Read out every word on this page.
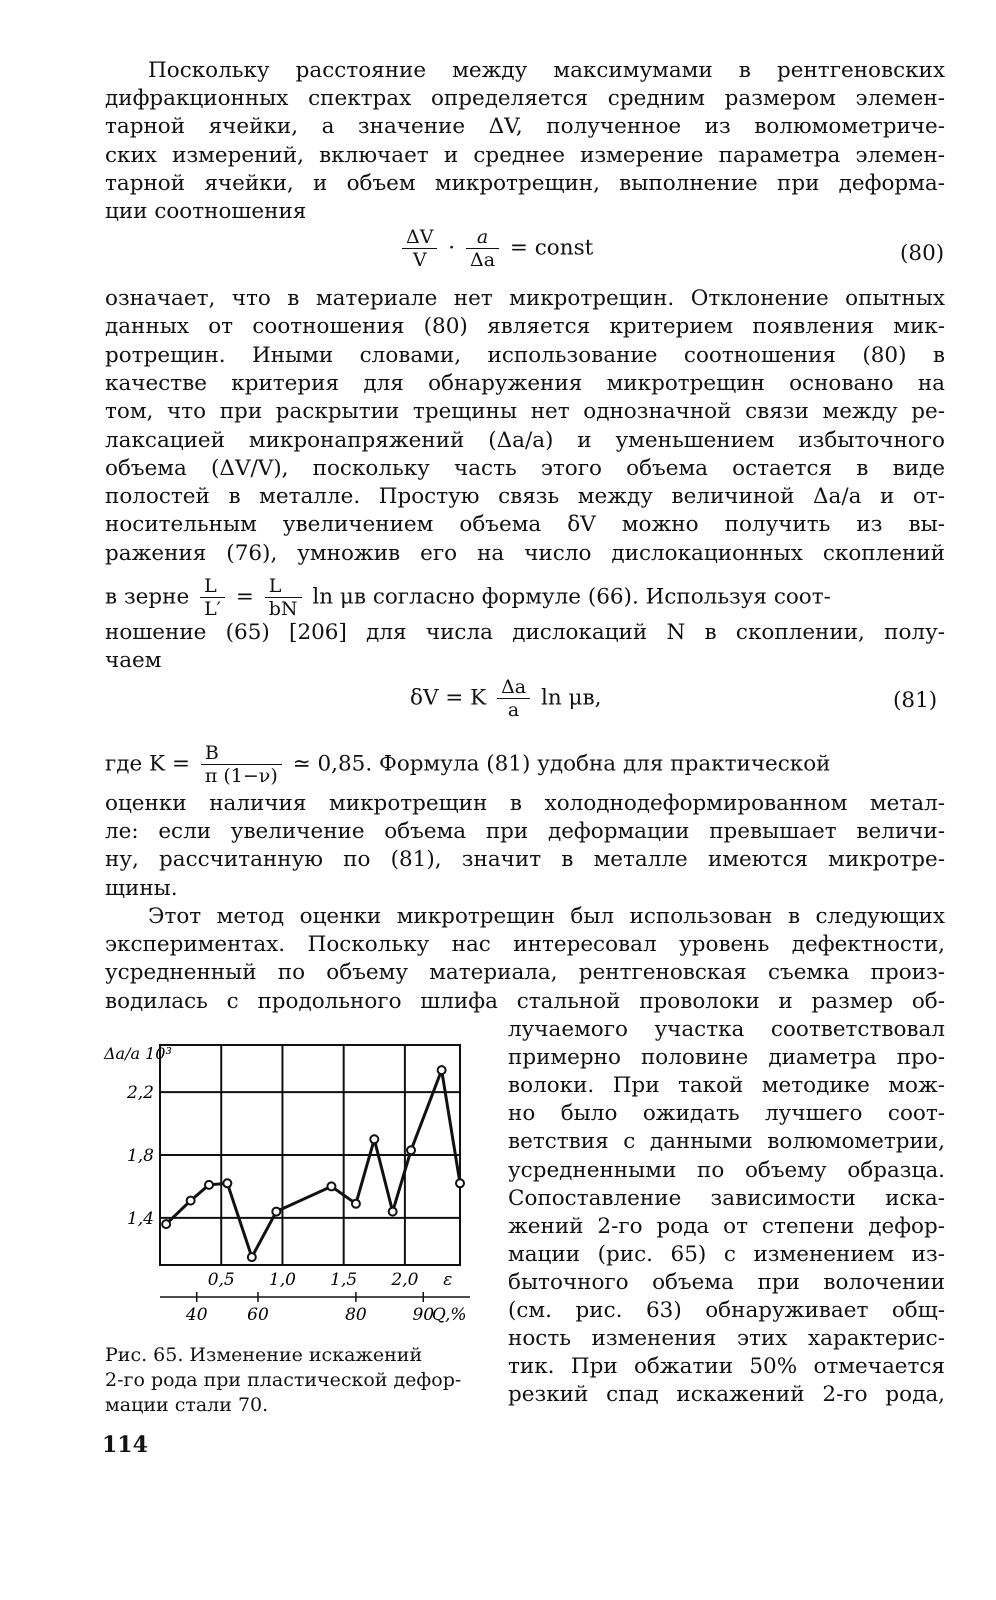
Поскольку расстояние между максимумами в рентгеновских
дифракционных спектрах определяется средним размером элемен-
тарной ячейки, а значение ΔV, полученное из волюмометриче-
ских измерений, включает и среднее измерение параметра элемен-
тарной ячейки, и объем микротрещин, выполнение при деформа-
ции соотношения
$\frac{\Delta V}{V} \cdot \frac{a}{\Delta a}$ = const	(80)
означает, что в материале нет микротрещин. Отклонение опытных
данных от соотношения (80) является критерием появления мик-
ротрещин. Иными словами, использование соотношения (80) в
качестве критерия для обнаружения микротрещин основано на
том, что при раскрытии трещины нет однозначной связи между ре-
лаксацией микронапряжений (Δa/a) и уменьшением избыточного
объема (ΔV/V), поскольку часть этого объема остается в виде
полостей в металле. Простую связь между величиной Δa/a и от-
носительным увеличением объема δV можно получить из вы-
ражения (76), умножив его на число дислокационных скоплений
в зерне $\frac{L}{L'} = \frac{L}{bN}$ ln μв согласно формуле (66). Используя соот-
ношение (65) [206] для числа дислокаций N в скоплении, полу-
чаем
δV = K $\frac{\Delta a}{a}$ ln μв,	(81)
где $K = \frac{B}{\pi (1-\nu)}$ ≃ 0,85. Формула (81) удобна для практической
оценки наличия микротрещин в холоднодеформированном метал-
ле: если увеличение объема при деформации превышает величи-
ну, рассчитанную по (81), значит в металле имеются микротре-
щины.
Этот метод оценки микротрещин был использован в следующих
экспериментах. Поскольку нас интересовал уровень дефектности,
усредненный по объему материала, рентгеновская съемка произ-
водилась с продольного шлифа стальной проволоки и размер об-
лучаемого участка соответствовал
примерно половине диаметра про-
волоки. При такой методике мож-
но было ожидать лучшего соот-
ветствия с данными волюмометрии,
усредненными по объему образца.
Сопоставление зависимости иска-
жений 2-го рода от степени дефор-
мации (рис. 65) с изменением из-
быточного объема при волочении
(см. рис. 63) обнаруживает общ-
ность изменения этих характерис-
тик. При обжатии 50% отмечается
резкий спад искажений 2-го рода,
1,4
1,8
2,2
0,5 1,0 1,5 2,0 ε
40 60	80	90
Q,%
Δa/a 10³
Рис. 65. Изменение искажений
2-го рода при пластической дефор-
мации стали 70.
114
